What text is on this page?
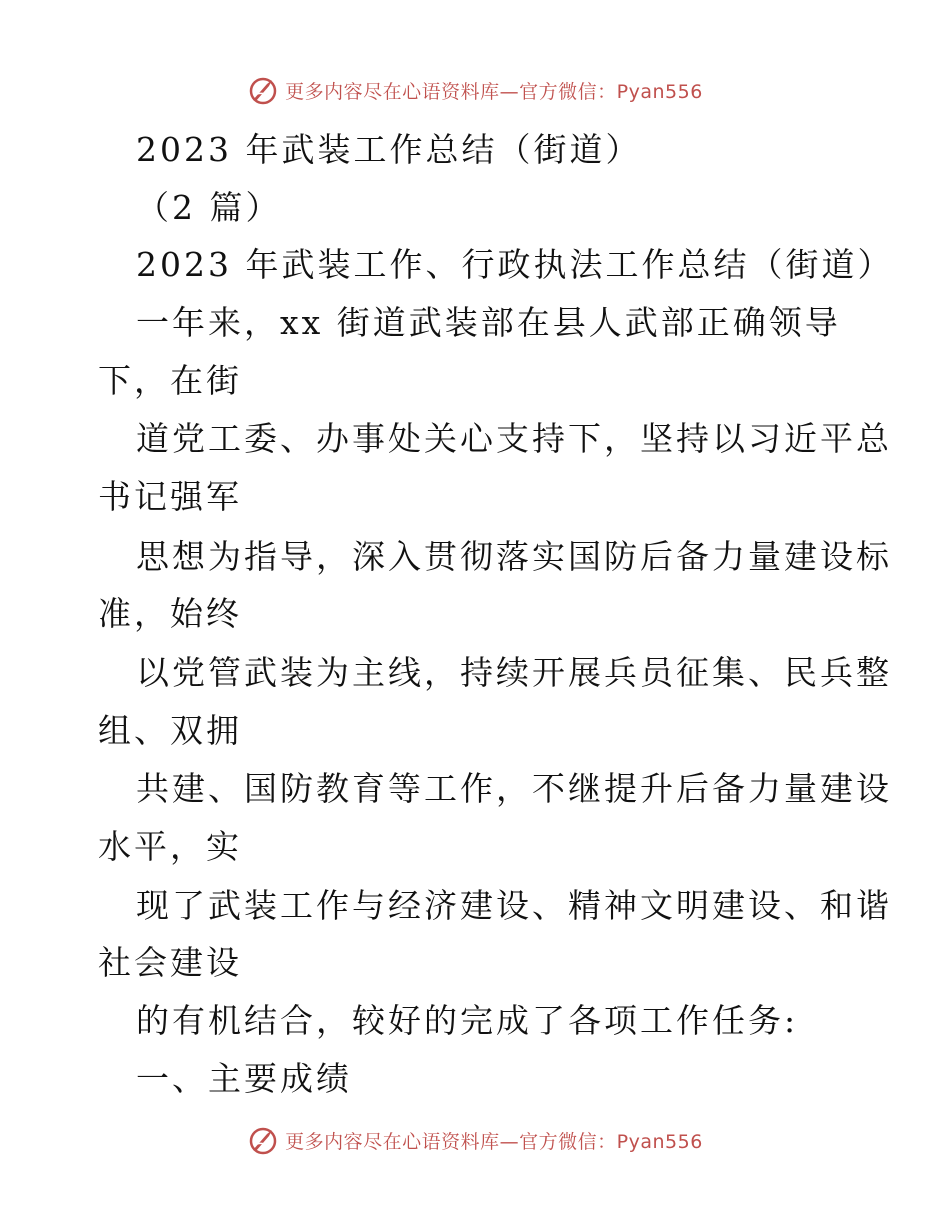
更多内容尽在心语资料库—官方微信：Pyan556
2023 年武装工作总结（街道）
（2 篇）
2023 年武装工作、行政执法工作总结（街道）
一年来，xx 街道武装部在县人武部正确领导
下，在街
道党工委、办事处关心支持下，坚持以习近平总
书记强军
思想为指导，深入贯彻落实国防后备力量建设标
准，始终
以党管武装为主线，持续开展兵员征集、民兵整
组、双拥
共建、国防教育等工作，不继提升后备力量建设
水平，实
现了武装工作与经济建设、精神文明建设、和谐
社会建设
的有机结合，较好的完成了各项工作任务:
一、主要成绩
更多内容尽在心语资料库—官方微信：Pyan556
